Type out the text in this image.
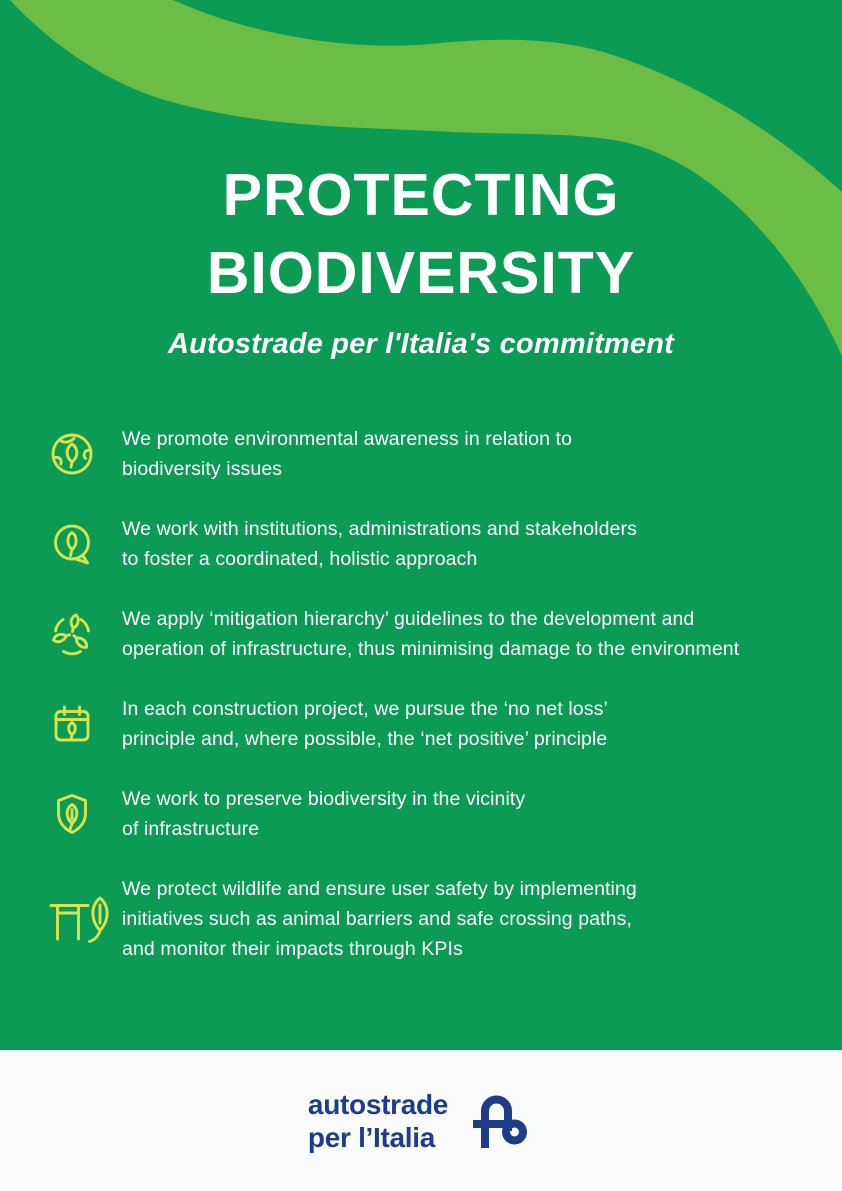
PROTECTING
BIODIVERSITY
Autostrade per l'Italia's commitment
We promote environmental awareness in relation to
biodiversity issues
We work with institutions, administrations and stakeholders
to foster a coordinated, holistic approach
We apply ‘mitigation hierarchy’ guidelines to the development and
operation of infrastructure, thus minimising damage to the environment
In each construction project, we pursue the ‘no net loss’
principle and, where possible, the ‘net positive’ principle
We work to preserve biodiversity in the vicinity
of infrastructure
We protect wildlife and ensure user safety by implementing
initiatives such as animal barriers and safe crossing paths,
and monitor their impacts through KPIs
autostrade
per l’Italia
